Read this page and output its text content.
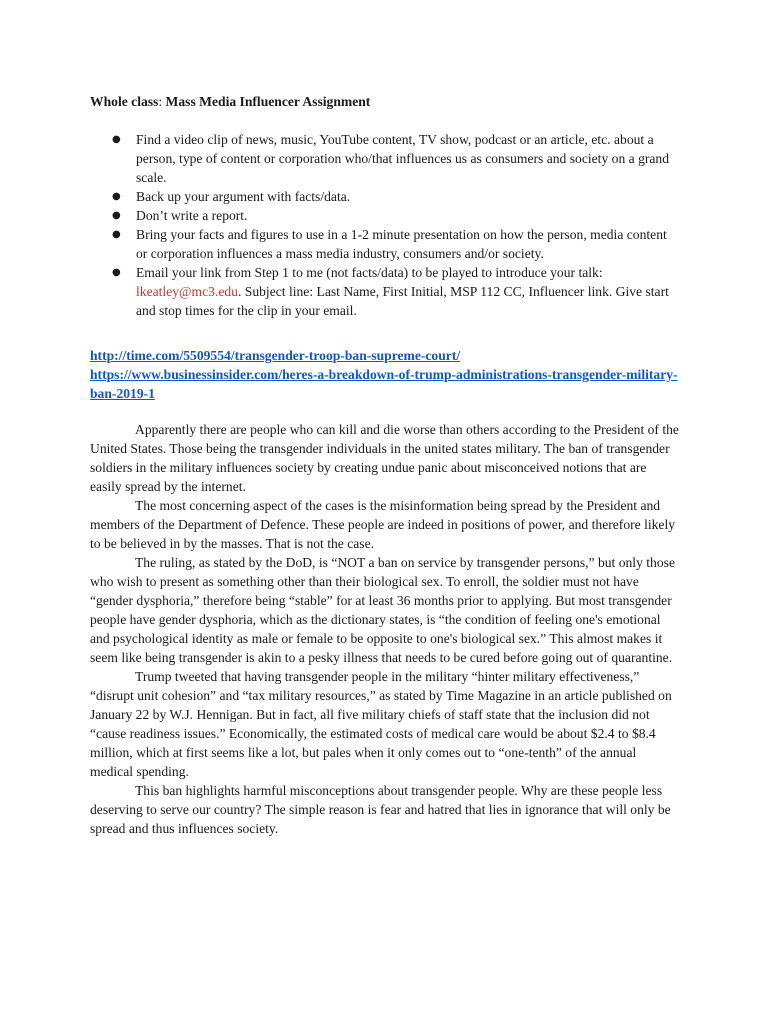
Whole class: Mass Media Influencer Assignment
● Find a video clip of news, music, YouTube content, TV show, podcast or an article, etc. about a person, type of content or corporation who/that influences us as consumers and society on a grand scale.
● Back up your argument with facts/data.
● Don’t write a report.
● Bring your facts and figures to use in a 1-2 minute presentation on how the person, media content or corporation influences a mass media industry, consumers and/or society.
● Email your link from Step 1 to me (not facts/data) to be played to introduce your talk: lkeatley@mc3.edu. Subject line: Last Name, First Initial, MSP 112 CC, Influencer link. Give start and stop times for the clip in your email.
http://time.com/5509554/transgender-troop-ban-supreme-court/
https://www.businessinsider.com/heres-a-breakdown-of-trump-administrations-transgender-military-ban-2019-1

Apparently there are people who can kill and die worse than others according to the President of the United States. Those being the transgender individuals in the united states military. The ban of transgender soldiers in the military influences society by creating undue panic about misconceived notions that are easily spread by the internet.

The most concerning aspect of the cases is the misinformation being spread by the President and members of the Department of Defence. These people are indeed in positions of power, and therefore likely to be believed in by the masses. That is not the case.

The ruling, as stated by the DoD, is “NOT a ban on service by transgender persons,” but only those who wish to present as something other than their biological sex. To enroll, the soldier must not have “gender dysphoria,” therefore being “stable” for at least 36 months prior to applying. But most transgender people have gender dysphoria, which as the dictionary states, is “the condition of feeling one's emotional and psychological identity as male or female to be opposite to one's biological sex.” This almost makes it seem like being transgender is akin to a pesky illness that needs to be cured before going out of quarantine.

Trump tweeted that having transgender people in the military “hinter military effectiveness,” “disrupt unit cohesion” and “tax military resources,” as stated by Time Magazine in an article published on January 22 by W.J. Hennigan. But in fact, all five military chiefs of staff state that the inclusion did not “cause readiness issues.” Economically, the estimated costs of medical care would be about $2.4 to $8.4 million, which at first seems like a lot, but pales when it only comes out to “one-tenth” of the annual medical spending.

This ban highlights harmful misconceptions about transgender people. Why are these people less deserving to serve our country? The simple reason is fear and hatred that lies in ignorance that will only be spread and thus influences society.
